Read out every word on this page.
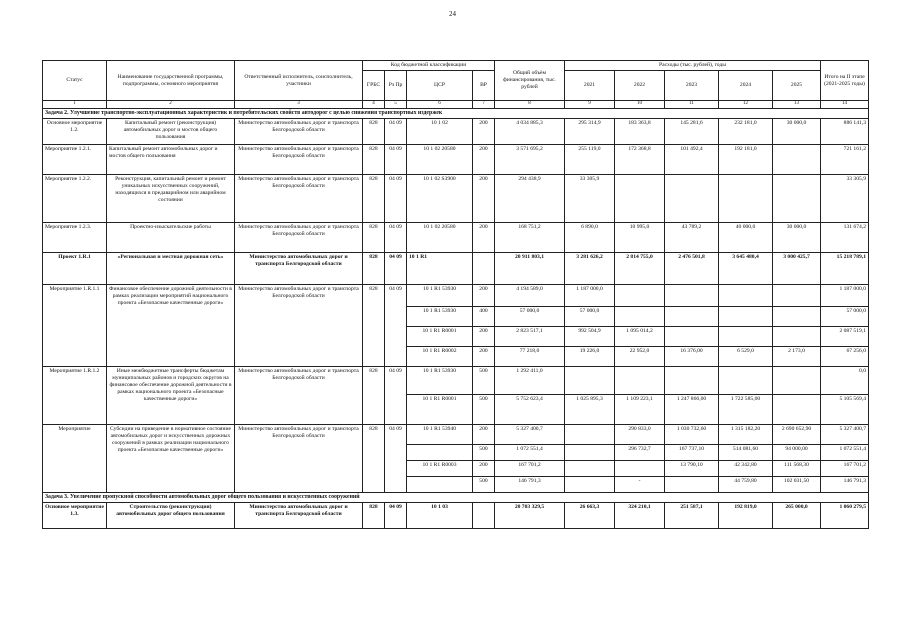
24
Статус	Наименование государственной программы, подпрограммы, основного мероприятия	Ответственный исполнитель, соисполнитель, участники	Код бюджетной классификации				Общий объём финансирования, тыс. рублей	Расходы (тыс. рублей), годы					Итого на II этапе (2021-2025 годы)
			ГРБС	Рз Пр	ЦСР	ВР		2021	2022	2023	2024	2025	
1	2	3	4	5	6	7	8	9	10	11	12	13	14
Задача 2. Улучшение транспортно-эксплуатационных характеристик и потребительских свойств автодорог с целью снижения транспортных издержек													
Основное мероприятие 1.2.	Капитальный ремонт (реконструкция) автомобильных дорог и мостов общего пользования	Министерство автомобильных дорог и транспорта Белгородской области	828	04 09	10 1 02	200	4 034 885,3	295 314,9	183 363,8	145 281,6	232 181,0	30 000,0	886 141,3
Мероприятие 1.2.1.	Капитальный ремонт автомобильных дорог и мостов общего пользования	Министерство автомобильных дорог и транспорта Белгородской области	828	04 09	10 1 02 20580	200	3 571 695,2	255 119,0	172 368,8	101 492,4	192 181,0		721 161,2
Мероприятие 1.2.2.	Реконструкция, капитальный ремонт и ремонт уникальных искусственных сооружений, находящихся в предаварийном или аварийном состоянии	Министерство автомобильных дорог и транспорта Белгородской области	828	04 09	10 1 02 S3900	200	294 438,9	33 305,9					33 305,9
Мероприятие 1.2.3.	Проектно-изыскательские работы	Министерство автомобильных дорог и транспорта Белгородской области	828	04 09	10 1 02 20580	200	168 751,2	6 890,0	10 995,0	43 789,2	40 000,0	30 000,0	131 674,2
Проект 1.R.1	«Региональная и местная дорожная сеть»	Министерство автомобильных дорог и транспорта Белгородской области	828	04 09	10 1 R1		20 911 803,1	3 281 626,2	2 814 755,0	2 476 501,8	3 645 480,4	3 000 425,7	15 218 789,1
Мероприятие 1.R.1.1	Финансовое обеспечение дорожной деятельности в рамках реализации мероприятий национального проекта «Безопасные качественные дороги»	Министерство автомобильных дорог и транспорта Белгородской области	828	04 09	10 1 R1 53930	200	4 194 589,0	1 187 000,0					1 187 000,0
					10 1 R1 53930	400	57 000,0	57 000,0					57 000,0
					10 1 R1 R0001	200	2 823 517,1	992 504,9	1 095 014,2				2 087 519,1
					10 1 R1 R0002	200	77 218,0	19 226,0	22 952,0	16 376,00	6 529,0	2 173,0	67 256,0
Мероприятие 1.R.1.2	Иные межбюджетные трансферты бюджетам муниципальных районов и городских округов на финансовое обеспечение дорожной деятельности в рамках национального проекта «Безопасные качественные дороги»	Министерство автомобильных дорог и транспорта Белгородской области	828	04 09	10 1 R1 53930	500	1 292 411,0						0,0
					10 1 R1 R0001	500	5 752 623,4	1 025 895,3	1 109 223,1	1 247 866,00	1 722 585,00		5 105 569,4
Мероприятие	Субсидии на приведение в нормативное состояние автомобильных дорог и искусственных дорожных сооружений в рамках реализации национального проекта «Безопасные качественные дороги»	Министерство автомобильных дорог и транспорта Белгородской области	828	04 09	10 1 R1 53940	200	5 327 400,7		290 833,0	1 030 732,60	1 315 182,20	2 690 652,90	5 327 400,7
						500	1 072 551,4		296 732,7	167 737,10	514 081,60	94 000,00	1 072 551,4
					10 1 R1 R0003	200	167 701,2			13 790,10	42 342,80	111 568,30	167 701,2
						500	146 791,3		-		44 759,80	102 031,50	146 791,3
Задача 3. Увеличение пропускной способности автомобильных дорог общего пользования и искусственных сооружений													
Основное мероприятие 1.3.	Строительство (реконструкция) автомобильных дорог общего пользования	Министерство автомобильных дорог и транспорта Белгородской области	828	04 09	10 1 03		20 703 329,5	26 663,3	324 210,1	251 587,1	192 819,0	265 000,0	1 060 279,5
